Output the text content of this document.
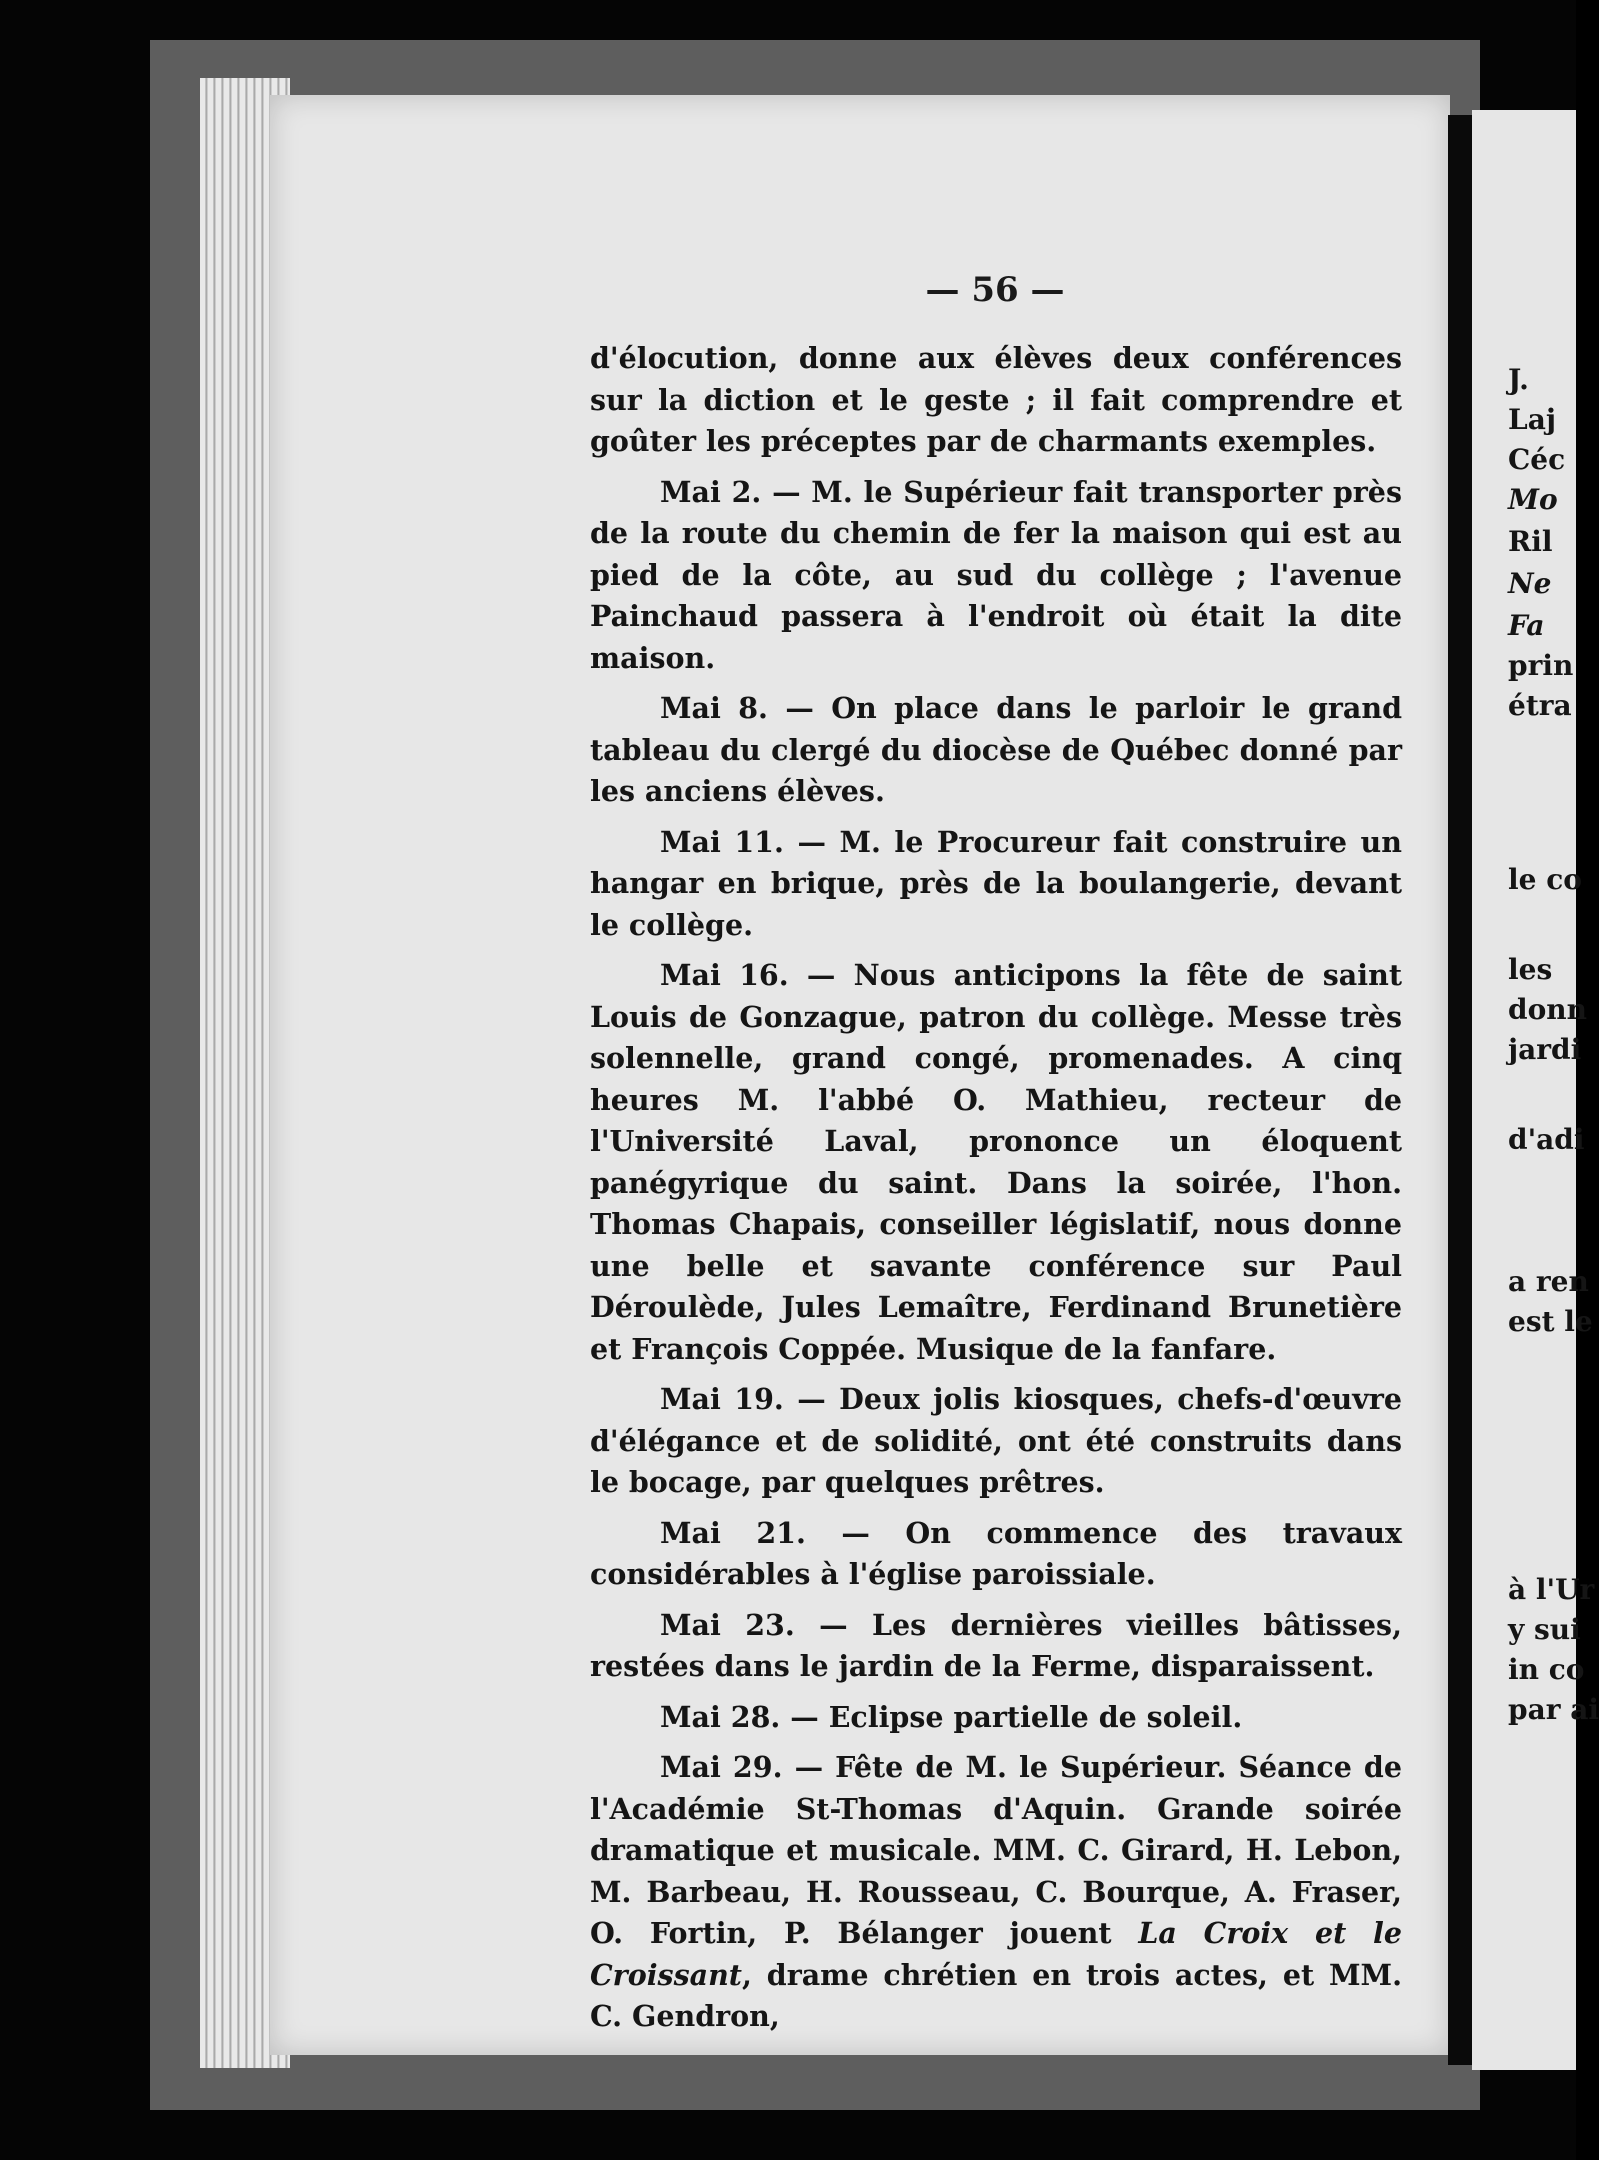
— 56 —

d'élocution, donne aux élèves deux conférences sur la diction et le geste ; il fait comprendre et goûter les préceptes par de charmants exemples.

Mai 2. — M. le Supérieur fait transporter près de la route du chemin de fer la maison qui est au pied de la côte, au sud du collège ; l'avenue Painchaud passera à l'endroit où était la dite maison.

Mai 8. — On place dans le parloir le grand tableau du clergé du diocèse de Québec donné par les anciens élèves.

Mai 11. — M. le Procureur fait construire un hangar en brique, près de la boulangerie, devant le collège.

Mai 16. — Nous anticipons la fête de saint Louis de Gonzague, patron du collège. Messe très solennelle, grand congé, promenades. A cinq heures M. l'abbé O. Mathieu, recteur de l'Université Laval, prononce un éloquent panégyrique du saint. Dans la soirée, l'hon. Thomas Chapais, conseiller législatif, nous donne une belle et savante conférence sur Paul Déroulède, Jules Lemaître, Ferdinand Brunetière et François Coppée. Musique de la fanfare.

Mai 19. — Deux jolis kiosques, chefs-d'œuvre d'élégance et de solidité, ont été construits dans le bocage, par quelques prêtres.

Mai 21. — On commence des travaux considérables à l'église paroissiale.

Mai 23. — Les dernières vieilles bâtisses, restées dans le jardin de la Ferme, disparaissent.

Mai 28. — Eclipse partielle de soleil.

Mai 29. — Fête de M. le Supérieur. Séance de l'Académie St-Thomas d'Aquin. Grande soirée dramatique et musicale. MM. C. Girard, H. Lebon, M. Barbeau, H. Rousseau, C. Bourque, A. Fraser, O. Fortin, P. Bélanger jouent La Croix et le Croissant, drame chrétien en trois actes, et MM. C. Gendron,

J.
Laj
Céc
Mo
Ril
Ne
Fa
prin
étra
le co
les
donn
jardi
d'adi
a ren
est le
à l'Ur
y sui
in co
par ai
